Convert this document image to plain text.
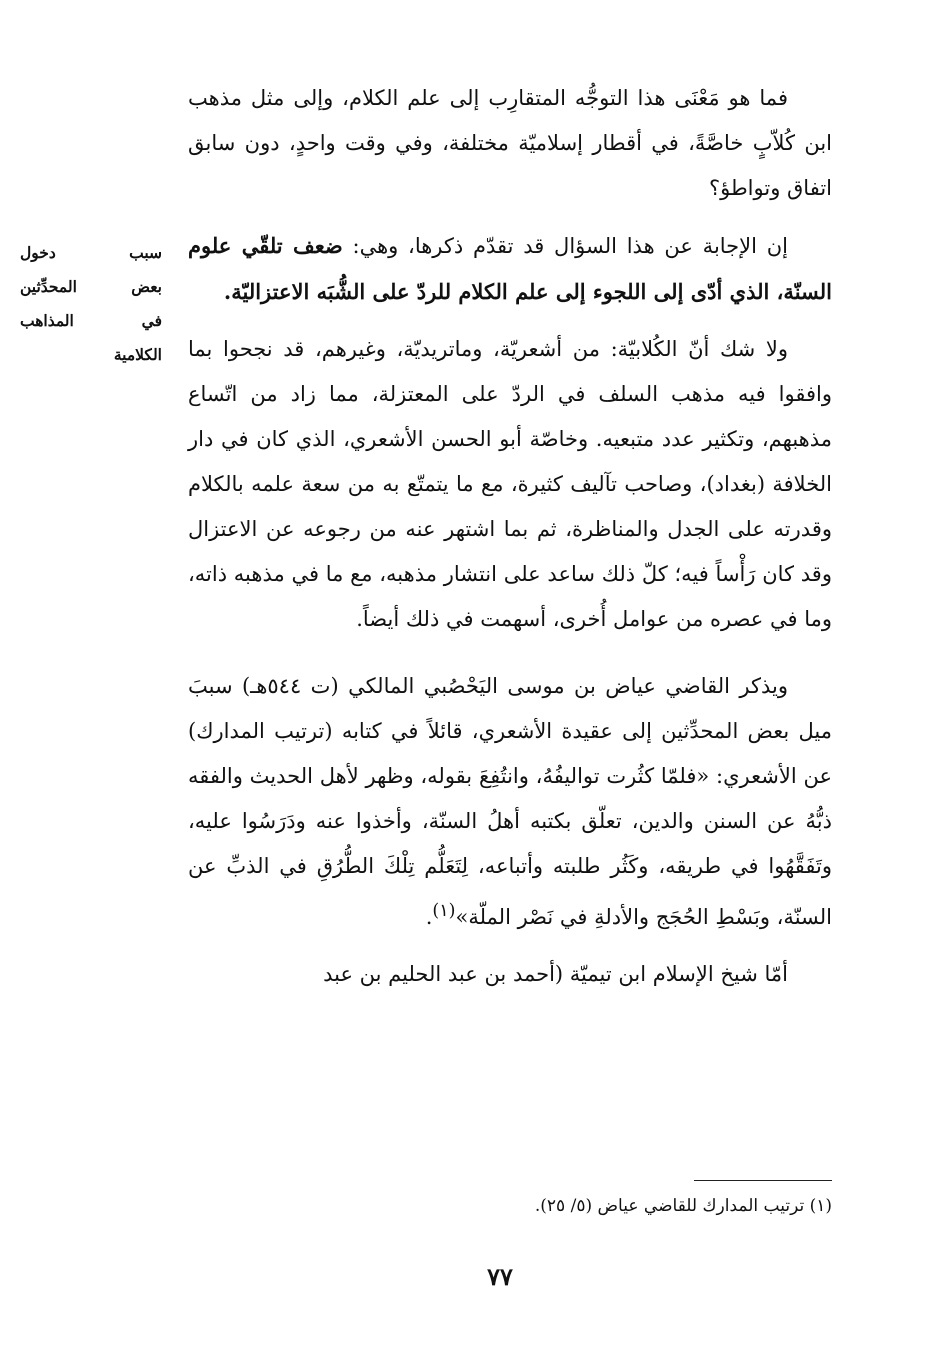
فما هو مَعْنَى هذا التوجُّه المتقارِب إلى علم الكلام، وإلى مثل مذهب ابن كُلاّبٍ خاصَّةً، في أقطار إسلاميّة مختلفة، وفي وقت واحدٍ، دون سابق اتفاق وتواطؤ؟

إن الإجابة عن هذا السؤال قد تقدّم ذكرها، وهي: ضعف تلقّي علوم السنّة، الذي أدّى إلى اللجوء إلى علم الكلام للردّ على الشُّبَه الاعتزاليّة.

ولا شك أنّ الكُلابيّة: من أشعريّة، وماتريديّة، وغيرهم، قد نجحوا بما وافقوا فيه مذهب السلف في الردّ على المعتزلة، مما زاد من اتّساع مذهبهم، وتكثير عدد متبعيه. وخاصّة أبو الحسن الأشعري، الذي كان في دار الخلافة (بغداد)، وصاحب تآليف كثيرة، مع ما يتمتّع به من سعة علمه بالكلام وقدرته على الجدل والمناظرة، ثم بما اشتهر عنه من رجوعه عن الاعتزال وقد كان رَأْساً فيه؛ كلّ ذلك ساعد على انتشار مذهبه، مع ما في مذهبه ذاته، وما في عصره من عوامل أُخرى، أسهمت في ذلك أيضاً.

ويذكر القاضي عياض بن موسى اليَحْصُبي المالكي (ت ٥٤٤هـ) سببَ ميل بعض المحدِّثين إلى عقيدة الأشعري، قائلاً في كتابه (ترتيب المدارك) عن الأشعري: «فلمّا كثُرت تواليفُهُ، وانتُفِعَ بقوله، وظهر لأهل الحديث والفقه ذبُّهُ عن السنن والدين، تعلّق بكتبه أهلُ السنّة، وأخذوا عنه ودَرَسُوا عليه، وتَفَقَّهُوا في طريقه، وكَثُر طلبته وأتباعه، لِتَعَلُّم تِلْكَ الطُّرُقِ في الذبِّ عن السنّة، وبَسْطِ الحُجَج والأدلةِ في نَصْر الملّة»$^{(١)}$.

أمّا شيخ الإسلام ابن تيميّة (أحمد بن عبد الحليم بن عبد

سبب دخول
بعض المحدِّثين
في المذاهب
الكلامية
(١) ترتيب المدارك للقاضي عياض (٥/ ٢٥).
٧٧
